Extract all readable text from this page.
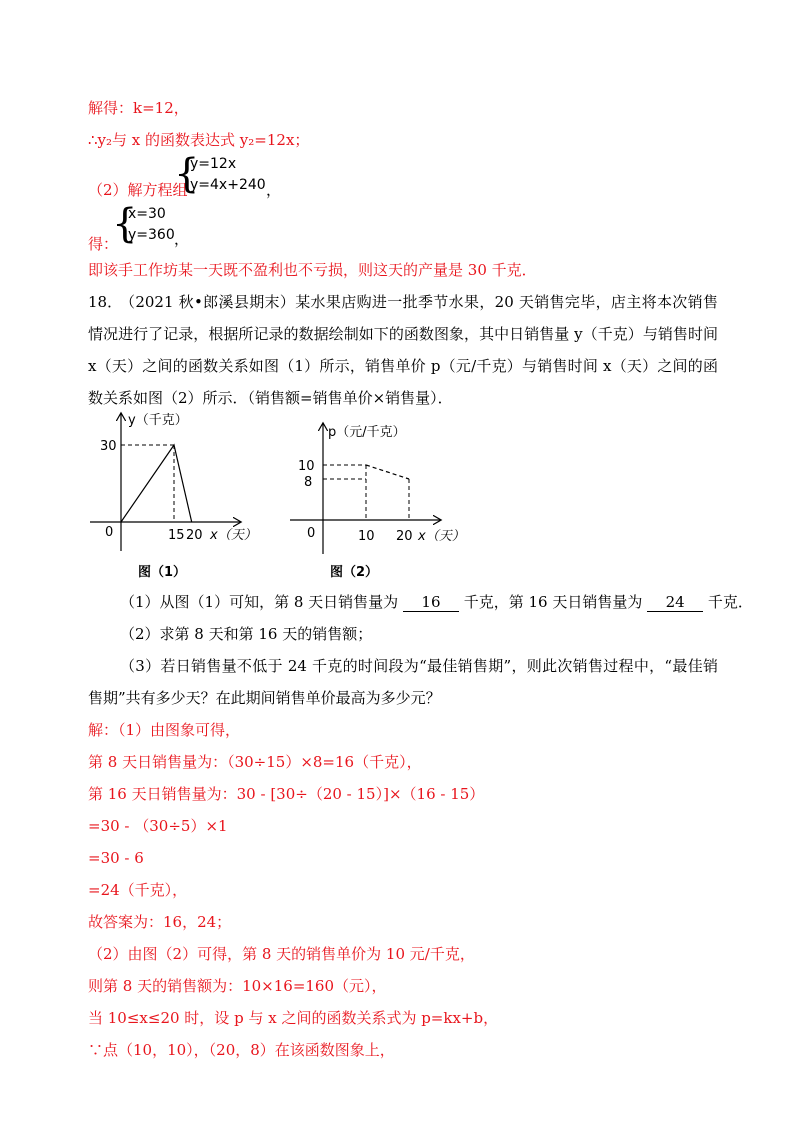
解得：k=12，
∴y₂与 x 的函数表达式 y₂=12x；
（2）解方程组
{
y=12x
y=4x+240 ，
得：
{
x=30
y=360 ，
即该手工作坊某一天既不盈利也不亏损，则这天的产量是 30 千克．
18．
（2021 秋•郎溪县期末）某水果店购进一批季节水果，20 天销售完毕，店主将本次销售情况进行了记录，根据所记录的数据绘制如下的函数图象，其中日销售量 y（千克）与销售时间 x（天）之间的函数关系如图（1）所示，销售单价 p（元/千克）与销售时间 x（天）之间的函数关系如图（2）所示．（销售额=销售单价×销售量）．
y（千克）
0
30
15 20 x（天）
图（1）
p（元/千克）
10
8
0	10 20 x（天）
图（2）
（1）从图（1）可知，第 8 天日销售量为 16 千克，第 16 天日销售量为 24 千克．
（2）求第 8 天和第 16 天的销售额；
（3）若日销售量不低于 24 千克的时间段为“最佳销售期”，则此次销售过程中，“最佳销售期”共有多少天？在此期间销售单价最高为多少元？
解：（1）由图象可得，
第 8 天日销售量为：（30÷15）×8=16（千克），
第 16 天日销售量为：30 - [30÷（20 - 15）]×（16 - 15）
=30 - （30÷5）×1
=30 - 6
=24（千克），
故答案为：16，24；
（2）由图（2）可得，第 8 天的销售单价为 10 元/千克，
则第 8 天的销售额为：10×16=160（元），
当 10≤x≤20 时，设 p 与 x 之间的函数关系式为 p=kx+b，
∵点（10，10），（20，8）在该函数图象上，
